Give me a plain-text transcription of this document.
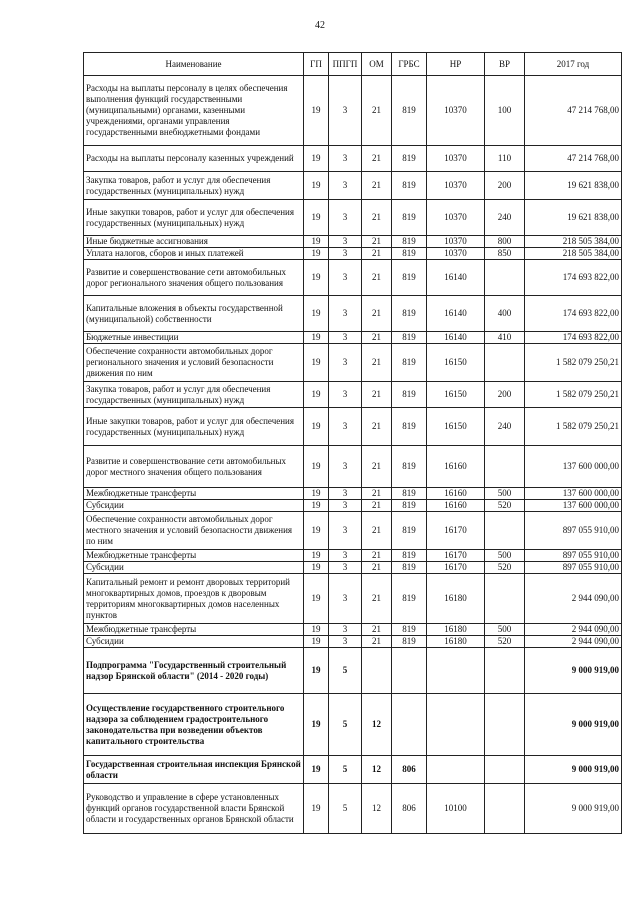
42
Наименование	ГП	ППГП	ОМ	ГРБС	НР	ВР	2017 год
Расходы на выплаты персоналу в целях обеспечения выполнения функций государственными (муниципальными) органами, казенными учреждениями, органами управления государственными внебюджетными фондами	19	3	21	819	10370	100	47 214 768,00
Расходы на выплаты персоналу казенных учреждений	19	3	21	819	10370	110	47 214 768,00
Закупка товаров, работ и услуг для обеспечения государственных (муниципальных) нужд	19	3	21	819	10370	200	19 621 838,00
Иные закупки товаров, работ и услуг для обеспечения государственных (муниципальных) нужд	19	3	21	819	10370	240	19 621 838,00
Иные бюджетные ассигнования	19	3	21	819	10370	800	218 505 384,00
Уплата налогов, сборов и иных платежей	19	3	21	819	10370	850	218 505 384,00
Развитие и совершенствование сети автомобильных дорог регионального значения общего пользования	19	3	21	819	16140		174 693 822,00
Капитальные вложения в объекты государственной (муниципальной) собственности	19	3	21	819	16140	400	174 693 822,00
Бюджетные инвестиции	19	3	21	819	16140	410	174 693 822,00
Обеспечение сохранности автомобильных дорог регионального значения и условий безопасности движения по ним	19	3	21	819	16150		1 582 079 250,21
Закупка товаров, работ и услуг для обеспечения государственных (муниципальных) нужд	19	3	21	819	16150	200	1 582 079 250,21
Иные закупки товаров, работ и услуг для обеспечения государственных (муниципальных) нужд	19	3	21	819	16150	240	1 582 079 250,21
Развитие и совершенствование сети автомобильных дорог местного значения общего пользования	19	3	21	819	16160		137 600 000,00
Межбюджетные трансферты	19	3	21	819	16160	500	137 600 000,00
Субсидии	19	3	21	819	16160	520	137 600 000,00
Обеспечение сохранности автомобильных дорог местного значения и условий безопасности движения по ним	19	3	21	819	16170		897 055 910,00
Межбюджетные трансферты	19	3	21	819	16170	500	897 055 910,00
Субсидии	19	3	21	819	16170	520	897 055 910,00
Капитальный ремонт и ремонт дворовых территорий многоквартирных домов, проездов к дворовым территориям многоквартирных домов населенных пунктов	19	3	21	819	16180		2 944 090,00
Межбюджетные трансферты	19	3	21	819	16180	500	2 944 090,00
Субсидии	19	3	21	819	16180	520	2 944 090,00
Подпрограмма "Государственный строительный надзор Брянской области" (2014 - 2020 годы)	19	5					9 000 919,00
Осуществление государственного строительного надзора за соблюдением градостроительного законодательства при возведении объектов капитального строительства	19	5	12				9 000 919,00
Государственная строительная инспекция Брянской области	19	5	12	806			9 000 919,00
Руководство и управление в сфере установленных функций органов государственной власти Брянской области и государственных органов Брянской области	19	5	12	806	10100		9 000 919,00
